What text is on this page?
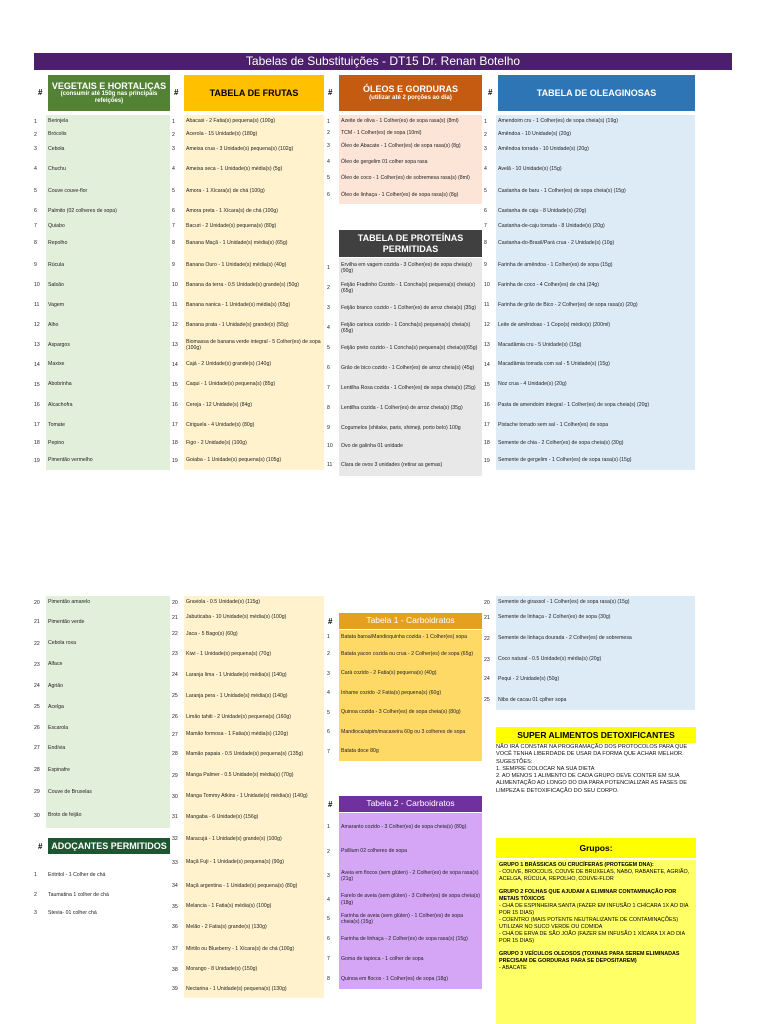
Tabelas de Substituições - DT15 Dr. Renan Botelho
#
VEGETAIS E HORTALIÇAS
(consumir até 150g nas principais refeições)
#	TABELA DE FRUTAS	#	ÓLEOS E GORDURAS
(utilizar até 2 porções ao dia)
#	TABELA DE OLEAGINOSAS
1	Berinjela
2	Brócolis
3	Cebola
4	Chuchu
5	Couve couve-flor
6	Palmito (02 colheres de sopa)
7	Quiabo
8	Repolho
9	Rúcula
10	Salsão
11	Vagem
12	Alho
13	Aspargos
14	Maxixe
15	Abobrinha
16	Alcachofra
17	Tomate
18	Pepino
19	Pimentão vermelho
1	Abacaxi - 2 Fatia(s) pequena(s) (100g)
2	Acerola - 15 Unidade(s) (180g)
3	Ameixa crua - 3 Unidade(s) pequena(s) (102g)
4	Ameixa seca - 1 Unidade(s) média(s) (5g)
5	Amora - 1 Xícara(s) de chá (100g)
6	Amora preta - 1 Xícara(s) de chá (100g)
7	Bacuri - 2 Unidade(s) pequena(s) (80g)
8	Banana Maçã - 1 Unidade(s) média(s) (65g)
9	Banana Ouro - 1 Unidade(s) média(s) (40g)
10	Banana da terra - 0.5 Unidade(s) grande(s) (50g)
11	Banana nanica - 1 Unidade(s) média(s) (65g)
12	Banana prata - 1 Unidade(s) grande(s) (55g)
13
Biomassa de banana verde integral - 5 Colher(es) de sopa (100g)
14	Cajá - 2 Unidade(s) grande(s) (140g)
15	Caqui - 1 Unidade(s) pequena(s) (85g)
16	Cereja - 12 Unidade(s) (84g)
17	Ciriguela - 4 Unidade(s) (80g)
18	Figo - 2 Unidade(s) (100g)
19	Goiaba - 1 Unidade(s) pequena(s) (105g)
1	Azeite de oliva - 1 Colher(es) de sopa rasa(s) (8ml)
2	TCM - 1 Colher(es) de sopa (10ml)
3	Óleo de Abacate - 1 Colher(es) de sopa rasa(s) (8g)
4	Óleo de gergelim 01 colher sopa rasa
5	Óleo de coco - 1 Colher(es) de sobremesa rasa(s) (8ml)
6	Óleo de linhaça - 1 Colher(es) de sopa rasa(s) (8g)
TABELA DE PROTEÍNAS PERMITIDAS
1
Ervilha em vagem cozida - 3 Colher(es) de sopa cheia(s) (90g)
2
Feijão Fradinho Cozido - 1 Concha(s) pequena(s) cheia(s)(65g)
3	Feijão branco cozido - 1 Colher(es) de arroz cheia(s) (35g)
4
Feijão carioca cozido - 1 Concha(s) pequena(s) cheia(s) (65g)
5	Feijão preto cozido - 1 Concha(s) pequena(s) cheia(s)(65g)
6	Grão de bico cozido - 1 Colher(es) de arroz cheia(s) (45g)
7	Lentilha Rosa cozida - 1 Colher(es) de sopa cheia(s) (25g)
8	Lentilha cozida - 1 Colher(es) de arroz cheia(s) (35g)
9	Cogumelos (shitake, paris, shimeji, porto belo) 100g
10	Ovo de galinha 01 unidade
11	Clara de ovos 3 unidades (retirar as gemas)
1	Amendoim cru - 1 Colher(es) de sopa cheia(s) (19g)
2	Amêndoa - 10 Unidade(s) (20g)
3	Amêndoa torrada - 10 Unidade(s) (20g)
4	Avelã - 10 Unidade(s) (15g)
5	Castanha de baru - 1 Colher(es) de sopa cheia(s) (15g)
6	Castanha de caju - 8 Unidade(s) (20g)
7	Castanha-de-caju torrada - 8 Unidade(s) (20g)
8	Castanha-do-Brasil/Pará crua - 2 Unidade(s) (10g)
9	Farinha de amêndoa - 1 Colher(es) de sopa (15g)
10	Farinha de coco - 4 Colher(es) de chá (24g)
11	Farinha de grão de Bico - 2 Colher(es) de sopa rasa(s) (20g)
12	Leite de amêndoas - 1 Copo(s) médio(s) (200ml)
13	Macadâmia cru - 5 Unidade(s) (15g)
14	Macadâmia torrada com sal - 5 Unidade(s) (15g)
15	Noz crua - 4 Unidade(s) (20g)
16	Pasta de amendoim integral - 1 Colher(es) de sopa cheia(s) (20g)
17	Pistache torrado sem sal - 1 Colher(es) de sopa
18	Semente de chia - 2 Colher(es) de sopa cheia(s) (30g)
19	Semente de gergelim - 1 Colher(es) de sopa rasa(s) (15g)
20	Pimentão amarelo
21	Pimentão verde
22	Cebola roxa
23	Alface
24	Agrião
25	Acelga
26	Escarola
27	Endívia
28	Espinafre
29	Couve de Bruxelas
30	Broto de feijão
20	Graviola - 0.5 Unidade(s) (115g)
21	Jabuticaba - 10 Unidade(s) média(s) (100g)
22	Jaca - 5 Bago(s) (60g)
23	Kiwi - 1 Unidade(s) pequena(s) (70g)
24	Laranja lima - 1 Unidade(s) média(s) (140g)
25	Laranja pera - 1 Unidade(s) média(s) (140g)
26	Limão tahiti - 2 Unidade(s) pequena(s) (160g)
27	Mamão formosa - 1 Fatia(s) média(s) (120g)
28	Mamão papaia - 0.5 Unidade(s) pequena(s) (135g)
29	Manga Palmer - 0.5 Unidade(s) média(s) (70g)
30	Manga Tommy Atkins - 1 Unidade(s) média(s) (140g)
31	Mangaba - 6 Unidade(s) (156g)
32	Maracujá - 1 Unidade(s) grande(s) (100g)
33	Maçã Fuji - 1 Unidade(s) pequena(s) (90g)
34	Maçã argentina - 1 Unidade(s) pequena(s) (80g)
35	Melancia - 1 Fatia(s) média(s) (100g)
36	Melão - 2 Fatia(s) grande(s) (130g)
37	Mirtilo ou Blueberry - 1 Xícara(s) de chá (100g)
38	Morango - 8 Unidade(s) (150g)
39	Nectarina - 1 Unidade(s) pequena(s) (130g)
#	Tabela 1 - Carboidratos
1	Batata baroa/Mandioquinha cozida - 1 Colher(es) sopa
2	Batata yacon cozida ou crua - 2 Colher(es) de sopa (65g)
3	Cará cozido - 2 Fatia(s) pequena(s) (40g)
4	Inhame cozido -2 Fatia(s) pequena(s) (60g)
5	Quinoa cozida - 3 Colher(es) de sopa cheia(s) (80g)
6	Mandioca/aipim/macaxeira 60g ou 3 colheres de sopa
7	Batata doce 80g
#	Tabela 2 - Carboidratos
1	Amaranto cozido - 3 Colher(es) de sopa cheia(s) (80g)
2	Psillium 02 colheres de sopa
3
Aveia em flocos (sem glúten) - 2 Colher(es) de sopa rasa(s) (21g)
4
Farelo de aveia (sem glúten) - 3 Colher(es) de sopa cheia(s) (18g)
5
Farinha de aveia (sem glúten) - 1 Colher(es) de sopa cheia(s) (15g)
6	Farinha de linhaça - 2 Colher(es) de sopa rasa(s) (15g)
7	Goma de tapioca - 1 colher de sopa
8	Quinoa em flocos - 1 Colher(es) de sopa (18g)
20	Semente de girassol - 1 Colher(es) de sopa rasa(s) (15g)
21	Semente de linhaça - 2 Colher(es) de sopa (30g)
22	Semente de linhaça dourada - 2 Colher(es) de sobremesa
23	Coco natural - 0.5 Unidade(s) média(s) (20g)
24	Pequi - 2 Unidade(s) (50g)
25	Nibs de cacau 01 cplher sopa
# ADOÇANTES PERMITIDOS
1	Eritritol - 1 Colher de chá
2	Taumatina 1 colher de chá
3	Stevia- 01 colher chá
SUPER ALIMENTOS DETOXIFICANTES
NÃO IRÁ CONSTAR NA PROGRAMAÇÃO DOS PROTOCOLOS PARA QUE VOCÊ TENHA LIBERDADE DE USAR DA FORMA QUE ACHAR MELHOR.
SUGESTÕES:
1. SEMPRE COLOCAR NA SUA DIETA
2. AO MENOS 1 ALIMENTO DE CADA GRUPO DEVE CONTER EM SUA ALIMENTAÇÃO AO LONGO DO DIA PARA POTENCIALIZAR AS FASES DE LIMPEZA E DETOXIFICAÇÃO DO SEU CORPO.
Grupos:
GRUPO 1 BRÁSSICAS OU CRUCÍFERAS (PROTEGEM DNA):
- COUVE, BROCOLIS, COUVE DE BRUXELAS, NABO, RABANETE, AGRIÃO, ACELGA, RÚCULA, REPOLHO, COUVE-FLOR
GRUPO 2 FOLHAS QUE AJUDAM A ELIMINAR CONTAMINAÇÃO POR METAIS TÓXICOS
- CHÁ DE ESPINHEIRA SANTA (FAZER EM INFUSÃO 1 CHÍCARA 1X AO DIA POR 15 DIAS)
- COENTRO (MAIS POTENTE NEUTRALIZANTE DE CONTAMINAÇÕES) UTILIZAR NO SUCO VERDE OU COMIDA
- CHÁ DE ERVA DE SÃO JOÃO (FAZER EM INFUSÃO 1 XÍCARA 1X AO DIA POR 15 DIAS)
GRUPO 3 VEÍCULOS OLEOSOS (TOXINAS PARA SEREM ELIMINADAS PRECISAM DE GORDURAS PARA SE DEPOSITAREM)
- ABACATE
